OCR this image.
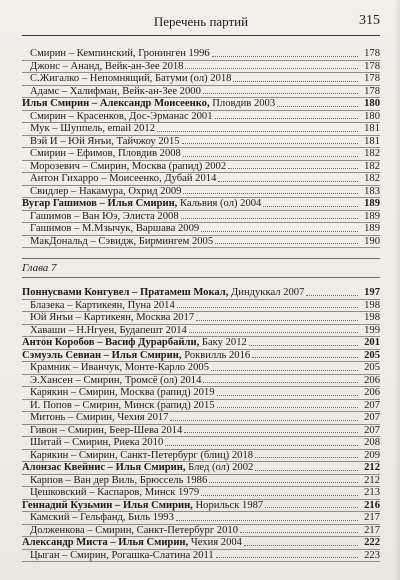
Перечень партий	315
Смирин – Кемпинский, Гронинген 1996	178
Джонс – Ананд, Вейк-ан-Зее 2018	178
С.Жигалко – Непомнящий, Батуми (ол) 2018	178
Адамс – Халифман, Вейк-ан-Зее 2000	178
Илья Смирин – Александр Моисеенко, Пловдив 2003	180
Смирин – Красенков, Дос-Эрманас 2001	180
Мук – Шуппель, email 2012	181
Вэй И – Юй Янъи, Тайчжоу 2015	181
Смирин – Ефимов, Пловдив 2008	182
Морозевич – Смирин, Москва (рапид) 2002	182
Антон Гихарро – Моисеенко, Дубай 2014	182
Свидлер – Накамура, Охрид 2009	183
Вугар Гашимов – Илья Смирин, Кальвия (ол) 2004	189
Гашимов – Ван Юэ, Элиста 2008	189
Гашимов – М.Мзычук, Варшава 2009	189
МакДональд – Сэвидж, Бирмингем 2005	190
Глава 7
Поннусвами Конгувел – Пратамеш Мокал, Диндуккал 2007	197
Блазека – Картикеян, Пуна 2014	198
Юй Янъи – Картикеян, Москва 2017	198
Хаваши – Н.Нгуен, Будапешт 2014	199
Антон Коробов – Васиф Дурарбайли, Баку 2012	201
Сэмуэль Севиан – Илья Смирин, Роквилль 2016	205
Крамник – Иванчук, Монте-Карло 2005	205
Э.Хансен – Смирин, Тромсё (ол) 2014	206
Карякин – Смирин, Москва (рапид) 2019	206
И. Попов – Смирин, Минск (рапид) 2015	207
Митонь – Смирин, Чехия 2017	207
Гивон – Смирин, Беер-Шева 2014	207
Шитай – Смирин, Риека 2010	208
Карякин – Смирин, Санкт-Петербург (блиц) 2018	209
Алонзас Квейнис – Илья Смирин, Блед (ол) 2002	212
Карпов – Ван дер Виль, Брюссель 1986	212
Цешковский – Каспаров, Минск 1979	213
Геннадий Кузьмин – Илья Смирин, Норильск 1987	216
Камский – Гельфанд, Биль 1993	217
Долженкова – Смирин, Санкт-Петербург 2010	217
Александр Миста – Илья Смирин, Чехия 2004	222
Цыган – Смирин, Рогашка-Слатина 2011	223
